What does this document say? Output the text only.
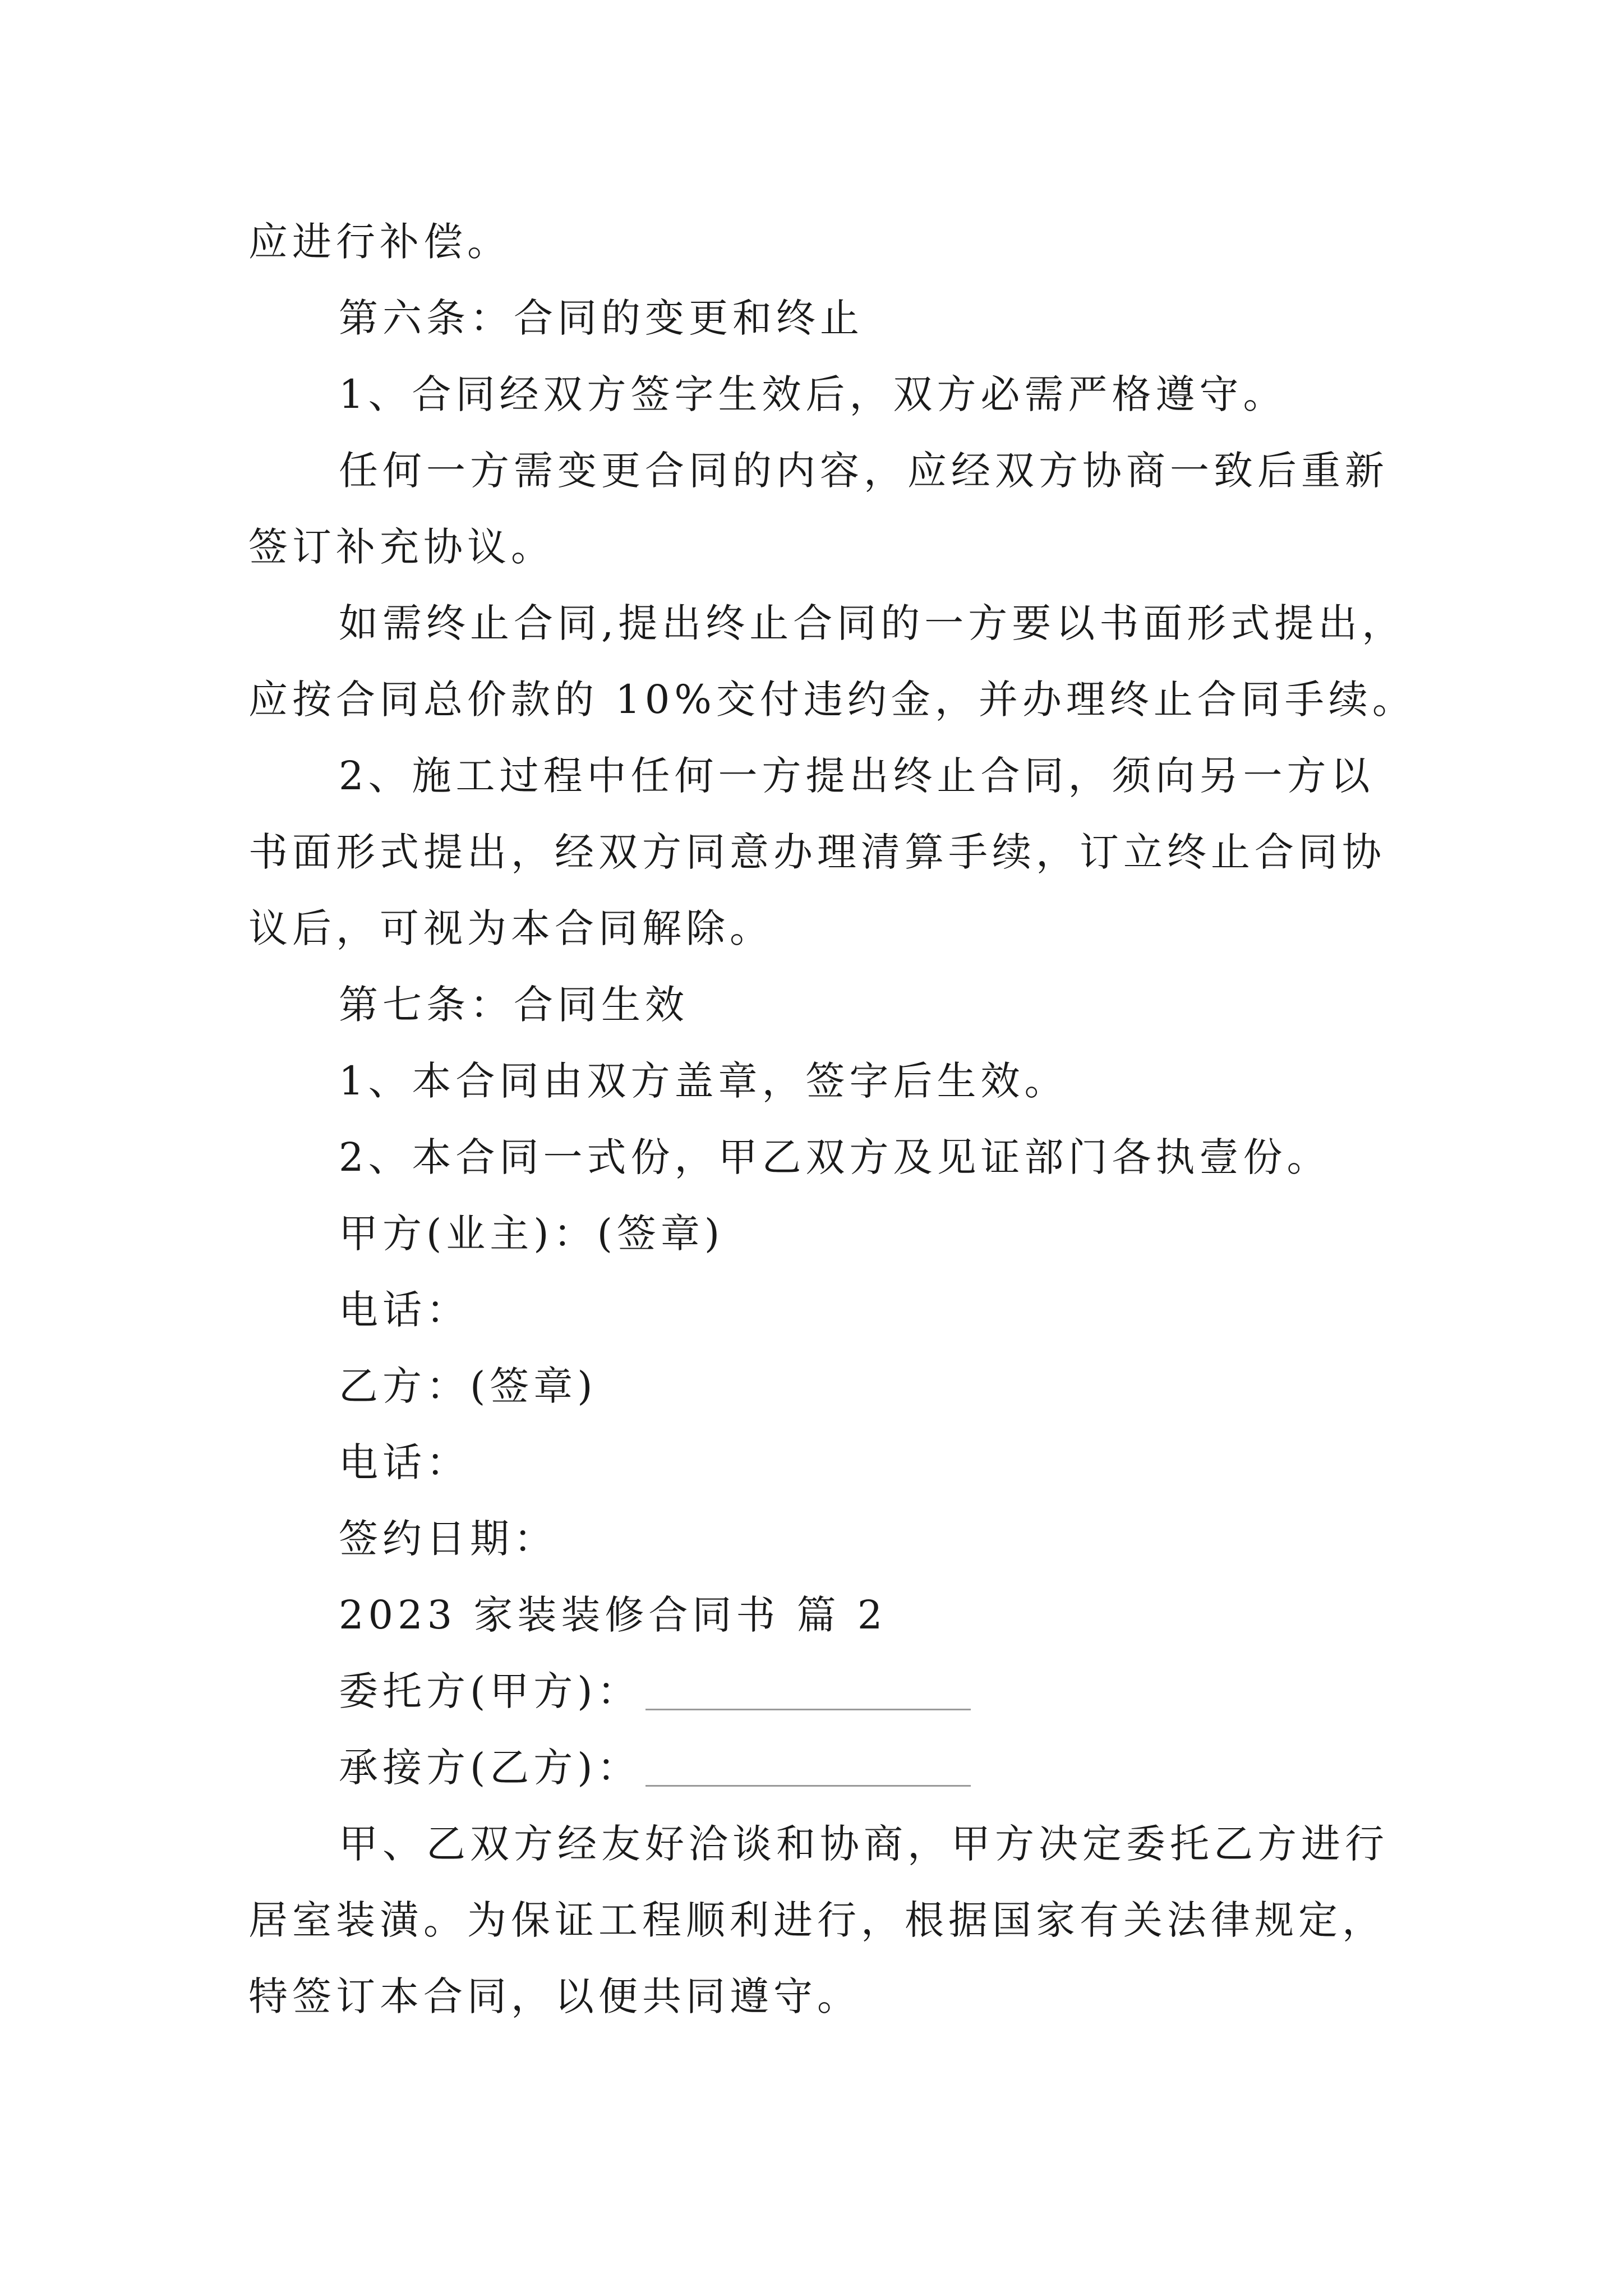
应进行补偿。
第六条：合同的变更和终止
1、合同经双方签字生效后，双方必需严格遵守。
任何一方需变更合同的内容，应经双方协商一致后重新
签订补充协议。
如需终止合同,提出终止合同的一方要以书面形式提出，
应按合同总价款的 10%交付违约金，并办理终止合同手续。
2、施工过程中任何一方提出终止合同，须向另一方以
书面形式提出，经双方同意办理清算手续，订立终止合同协
议后，可视为本合同解除。
第七条：合同生效
1、本合同由双方盖章，签字后生效。
2、本合同一式份，甲乙双方及见证部门各执壹份。
甲方(业主)：(签章)
电话：
乙方：(签章)
电话：
签约日期：
2023 家装装修合同书 篇 2
委托方(甲方)：
承接方(乙方)：
甲、乙双方经友好洽谈和协商，甲方决定委托乙方进行
居室装潢。为保证工程顺利进行，根据国家有关法律规定，
特签订本合同，以便共同遵守。
